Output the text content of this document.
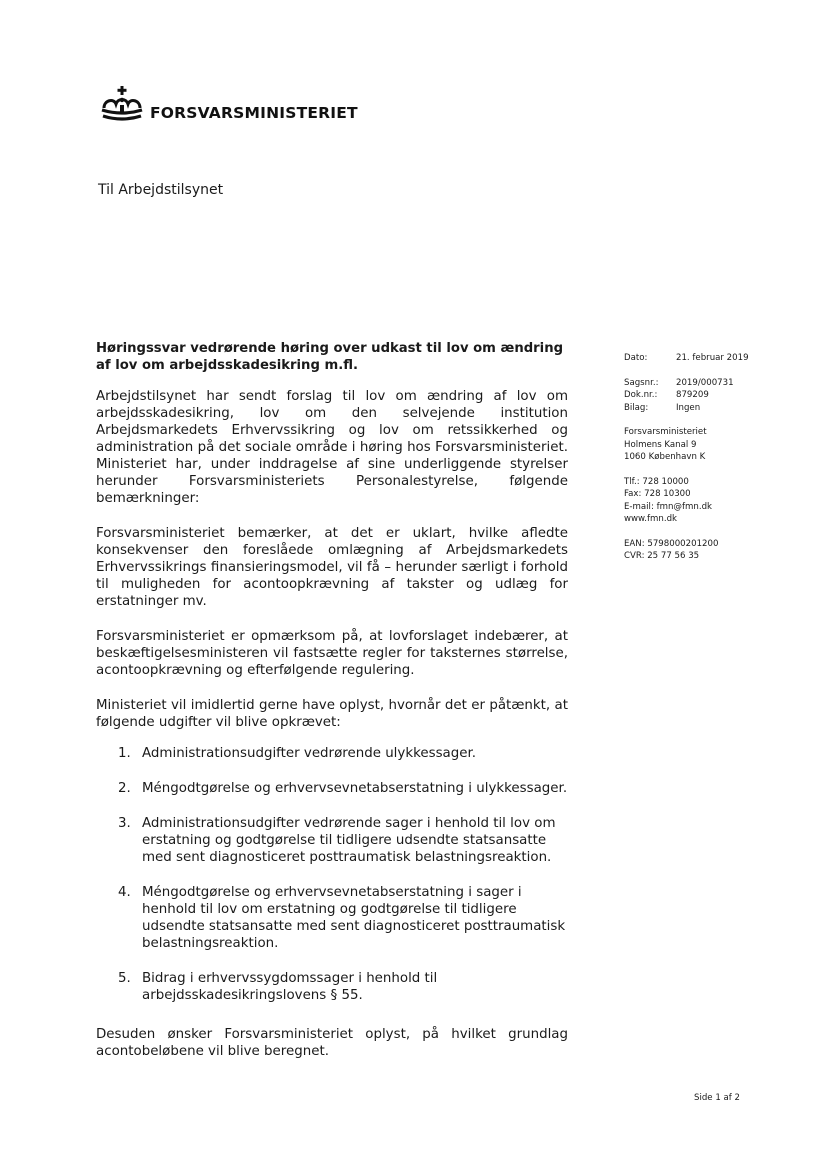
FORSVARSMINISTERIET
Til Arbejdstilsynet

Høringssvar vedrørende høring over udkast til lov om ændring af lov om arbejdsskadesikring m.fl.

Arbejdstilsynet har sendt forslag til lov om ændring af lov om arbejdsskadesikring, lov om den selvejende institution Arbejdsmarkedets Erhvervssikring og lov om retssikkerhed og administration på det sociale område i høring hos Forsvarsministeriet. Ministeriet har, under inddragelse af sine underliggende styrelser herunder Forsvarsministeriets Personalestyrelse, følgende bemærkninger:

Forsvarsministeriet bemærker, at det er uklart, hvilke afledte konsekvenser den foreslåede omlægning af Arbejdsmarkedets Erhvervssikrings finansieringsmodel, vil få – herunder særligt i forhold til muligheden for acontoopkrævning af takster og udlæg for erstatninger mv.

Forsvarsministeriet er opmærksom på, at lovforslaget indebærer, at beskæftigelsesministeren vil fastsætte regler for taksternes størrelse, acontoopkrævning og efterfølgende regulering.

Ministeriet vil imidlertid gerne have oplyst, hvornår det er påtænkt, at følgende udgifter vil blive opkrævet:

1. Administrationsudgifter vedrørende ulykkessager.
2. Méngodtgørelse og erhvervsevnetabserstatning i ulykkessager.
3. Administrationsudgifter vedrørende sager i henhold til lov om erstatning og godtgørelse til tidligere udsendte statsansatte med sent diagnosticeret posttraumatisk belastningsreaktion.
4. Méngodtgørelse og erhvervsevnetabserstatning i sager i henhold til lov om erstatning og godtgørelse til tidligere udsendte statsansatte med sent diagnosticeret posttraumatisk belastningsreaktion.
5. Bidrag i erhvervssygdomssager i henhold til arbejdsskadesikringslovens § 55.

Desuden ønsker Forsvarsministeriet oplyst, på hvilket grundlag acontobeløbene vil blive beregnet.

Dato:	21. februar 2019
Sagsnr.:	2019/000731
Dok.nr.:	879209
Bilag:	Ingen
Forsvarsministeriet
Holmens Kanal 9
1060 København K
Tlf.: 728 10000
Fax: 728 10300
E-mail: fmn@fmn.dk
www.fmn.dk
EAN: 5798000201200
CVR: 25 77 56 35
Side 1 af 2
